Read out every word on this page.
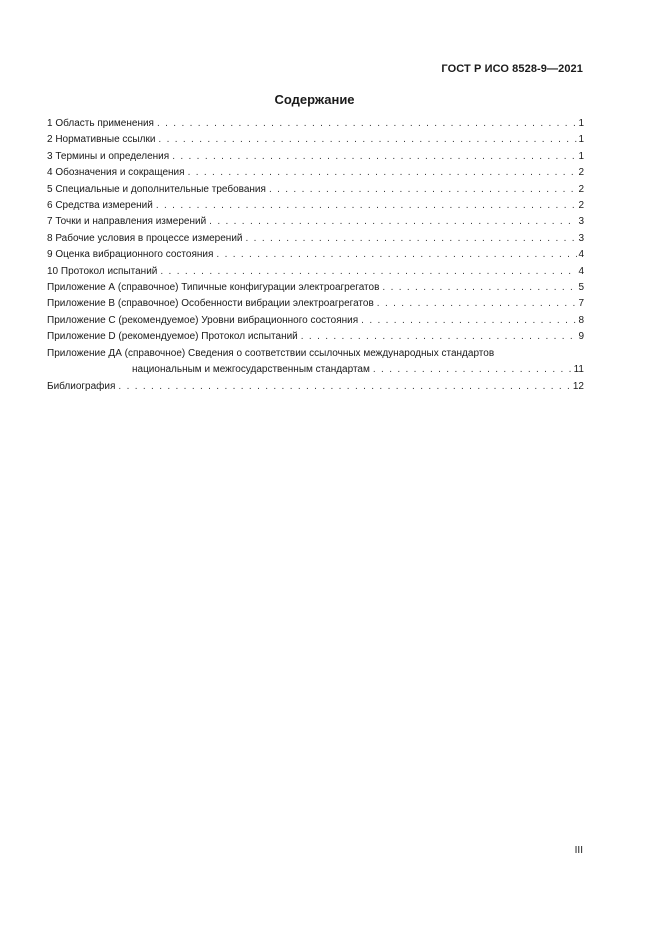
ГОСТ Р ИСО 8528-9—2021
Содержание
1 Область применения . . .	1
2 Нормативные ссылки . . .	1
3 Термины и определения . . .	1
4 Обозначения и сокращения . . .	2
5 Специальные и дополнительные требования . . .	2
6 Средства измерений . . .	2
7 Точки и направления измерений . . .	3
8 Рабочие условия в процессе измерений . . .	3
9 Оценка вибрационного состояния . . .	4
10 Протокол испытаний . . .	4
Приложение А (справочное) Типичные конфигурации электроагрегатов . . .	5
Приложение В (справочное) Особенности вибрации электроагрегатов . . .	7
Приложение С (рекомендуемое) Уровни вибрационного состояния . . .	8
Приложение D (рекомендуемое) Протокол испытаний . . .	9
Приложение ДА (справочное) Сведения о соответствии ссылочных международных стандартов
национальным и межгосударственным стандартам . . .	11
Библиография . . .	12
III
